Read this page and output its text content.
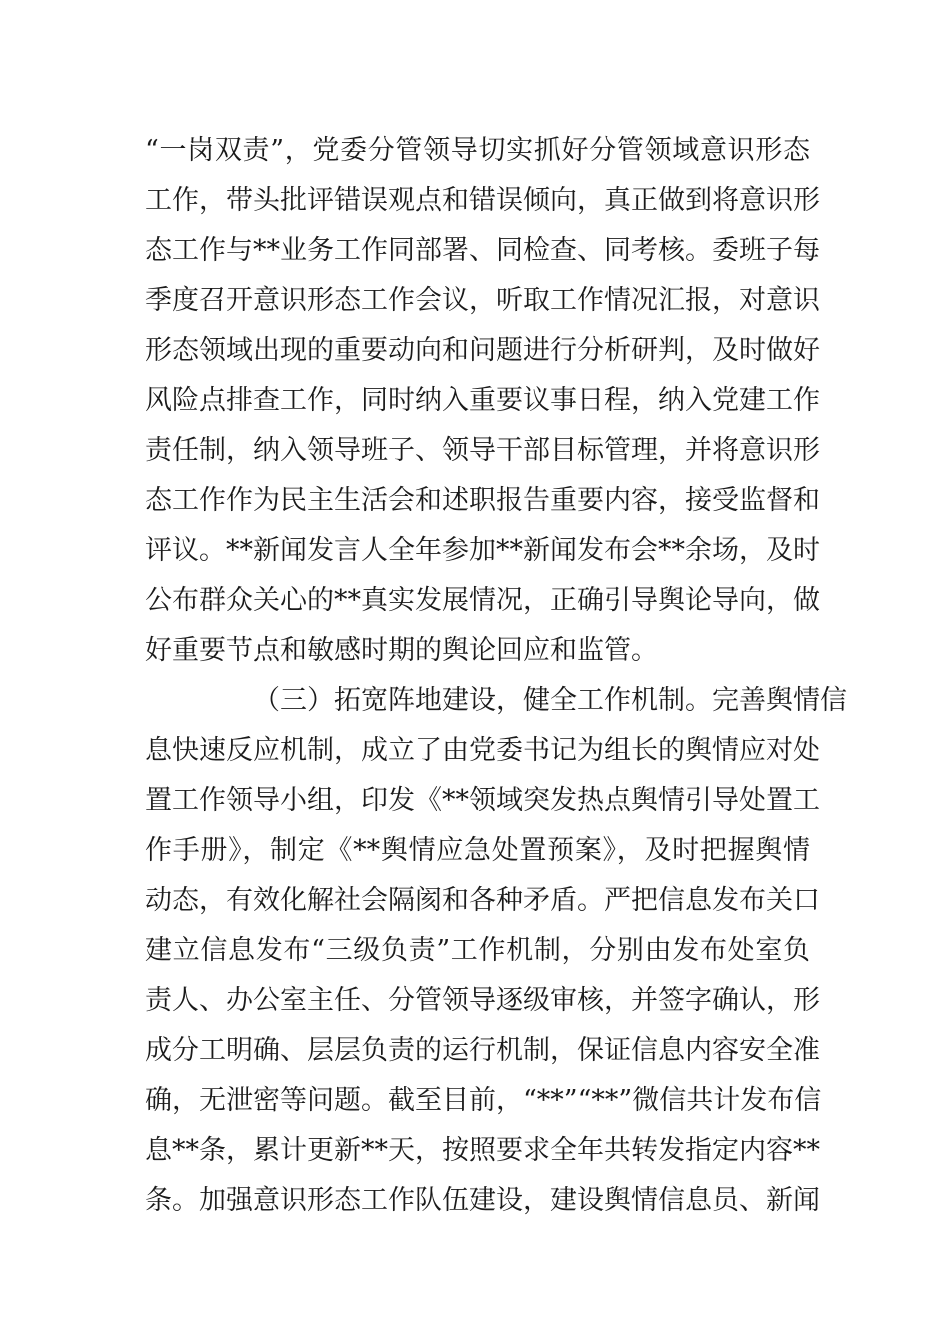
“一岗双责”，党委分管领导切实抓好分管领域意识形态
工作，带头批评错误观点和错误倾向，真正做到将意识形
态工作与**业务工作同部署、同检查、同考核。委班子每
季度召开意识形态工作会议，听取工作情况汇报，对意识
形态领域出现的重要动向和问题进行分析研判，及时做好
风险点排查工作，同时纳入重要议事日程，纳入党建工作
责任制，纳入领导班子、领导干部目标管理，并将意识形
态工作作为民主生活会和述职报告重要内容，接受监督和
评议。**新闻发言人全年参加**新闻发布会**余场，及时
公布群众关心的**真实发展情况，正确引导舆论导向，做
好重要节点和敏感时期的舆论回应和监管。
（三）拓宽阵地建设，健全工作机制。完善舆情信
息快速反应机制，成立了由党委书记为组长的舆情应对处
置工作领导小组，印发《**领域突发热点舆情引导处置工
作手册》，制定《**舆情应急处置预案》，及时把握舆情
动态，有效化解社会隔阂和各种矛盾。严把信息发布关口
建立信息发布“三级负责”工作机制，分别由发布处室负
责人、办公室主任、分管领导逐级审核，并签字确认，形
成分工明确、层层负责的运行机制，保证信息内容安全准
确，无泄密等问题。截至目前，“**”“**”微信共计发布信
息**条，累计更新**天，按照要求全年共转发指定内容**
条。加强意识形态工作队伍建设，建设舆情信息员、新闻
